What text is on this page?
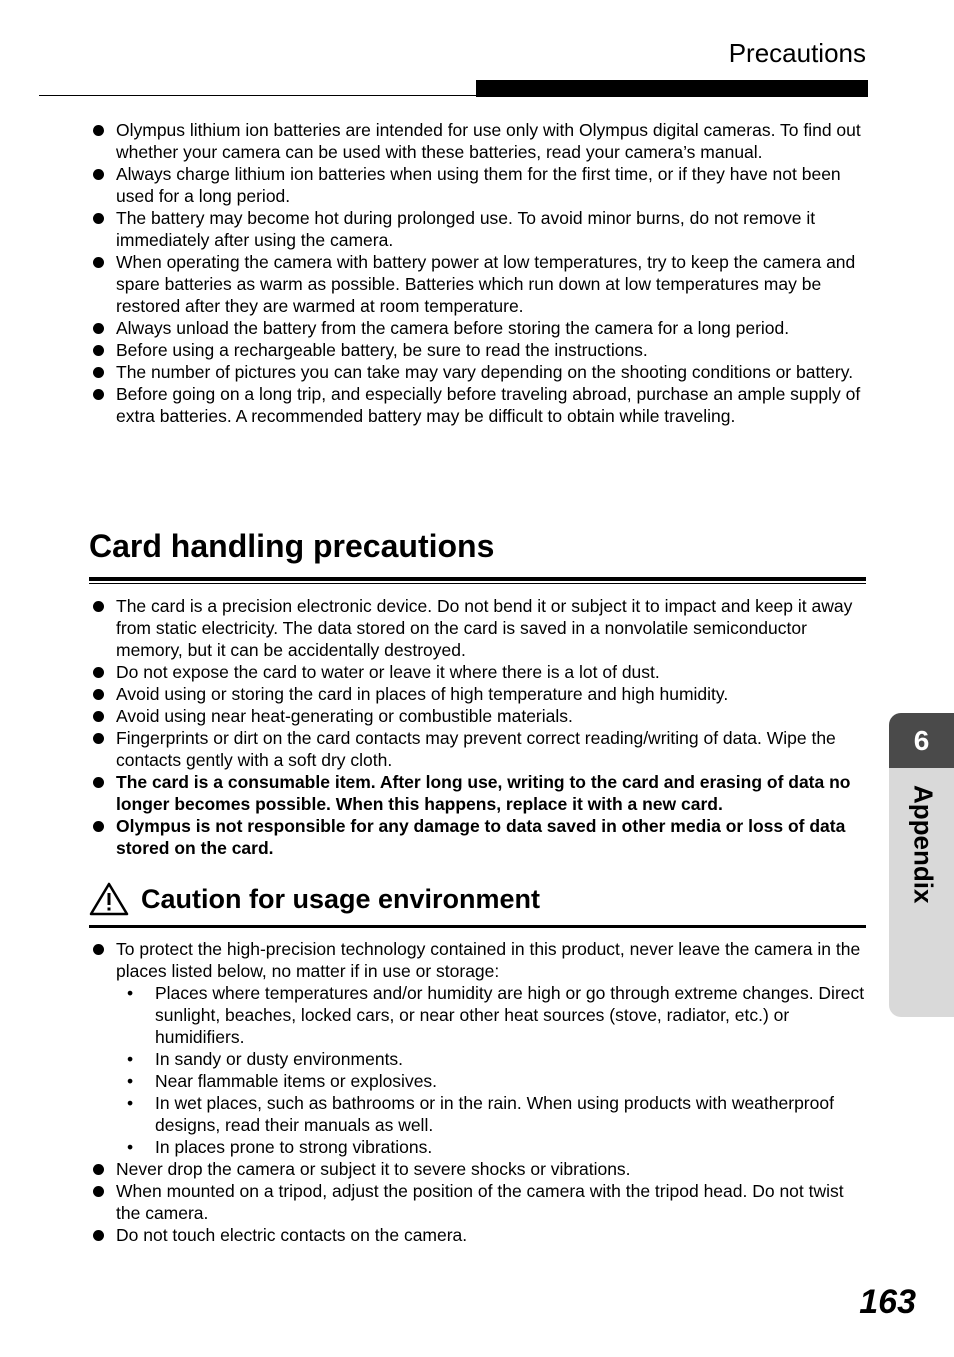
Precautions
Olympus lithium ion batteries are intended for use only with Olympus digital cameras. To find out whether your camera can be used with these batteries, read your camera’s manual.
Always charge lithium ion batteries when using them for the first time, or if they have not been used for a long period.
The battery may become hot during prolonged use. To avoid minor burns, do not remove it immediately after using the camera.
When operating the camera with battery power at low temperatures, try to keep the camera and spare batteries as warm as possible. Batteries which run down at low temperatures may be restored after they are warmed at room temperature.
Always unload the battery from the camera before storing the camera for a long period.
Before using a rechargeable battery, be sure to read the instructions.
The number of pictures you can take may vary depending on the shooting conditions or battery.
Before going on a long trip, and especially before traveling abroad, purchase an ample supply of extra batteries. A recommended battery may be difficult to obtain while traveling.
Card handling precautions
The card is a precision electronic device. Do not bend it or subject it to impact and keep it away from static electricity. The data stored on the card is saved in a nonvolatile semiconductor memory, but it can be accidentally destroyed.
Do not expose the card to water or leave it where there is a lot of dust.
Avoid using or storing the card in places of high temperature and high humidity.
Avoid using near heat-generating or combustible materials.
Fingerprints or dirt on the card contacts may prevent correct reading/writing of data. Wipe the contacts gently with a soft dry cloth.
The card is a consumable item. After long use, writing to the card and erasing of data no longer becomes possible. When this happens, replace it with a new card.
Olympus is not responsible for any damage to data saved in other media or loss of data stored on the card.
Caution for usage environment
To protect the high-precision technology contained in this product, never leave the camera in the places listed below, no matter if in use or storage:
• Places where temperatures and/or humidity are high or go through extreme changes. Direct sunlight, beaches, locked cars, or near other heat sources (stove, radiator, etc.) or humidifiers.
• In sandy or dusty environments.
• Near flammable items or explosives.
• In wet places, such as bathrooms or in the rain. When using products with weatherproof designs, read their manuals as well.
• In places prone to strong vibrations.
Never drop the camera or subject it to severe shocks or vibrations.
When mounted on a tripod, adjust the position of the camera with the tripod head. Do not twist the camera.
Do not touch electric contacts on the camera.
6
Appendix
163
